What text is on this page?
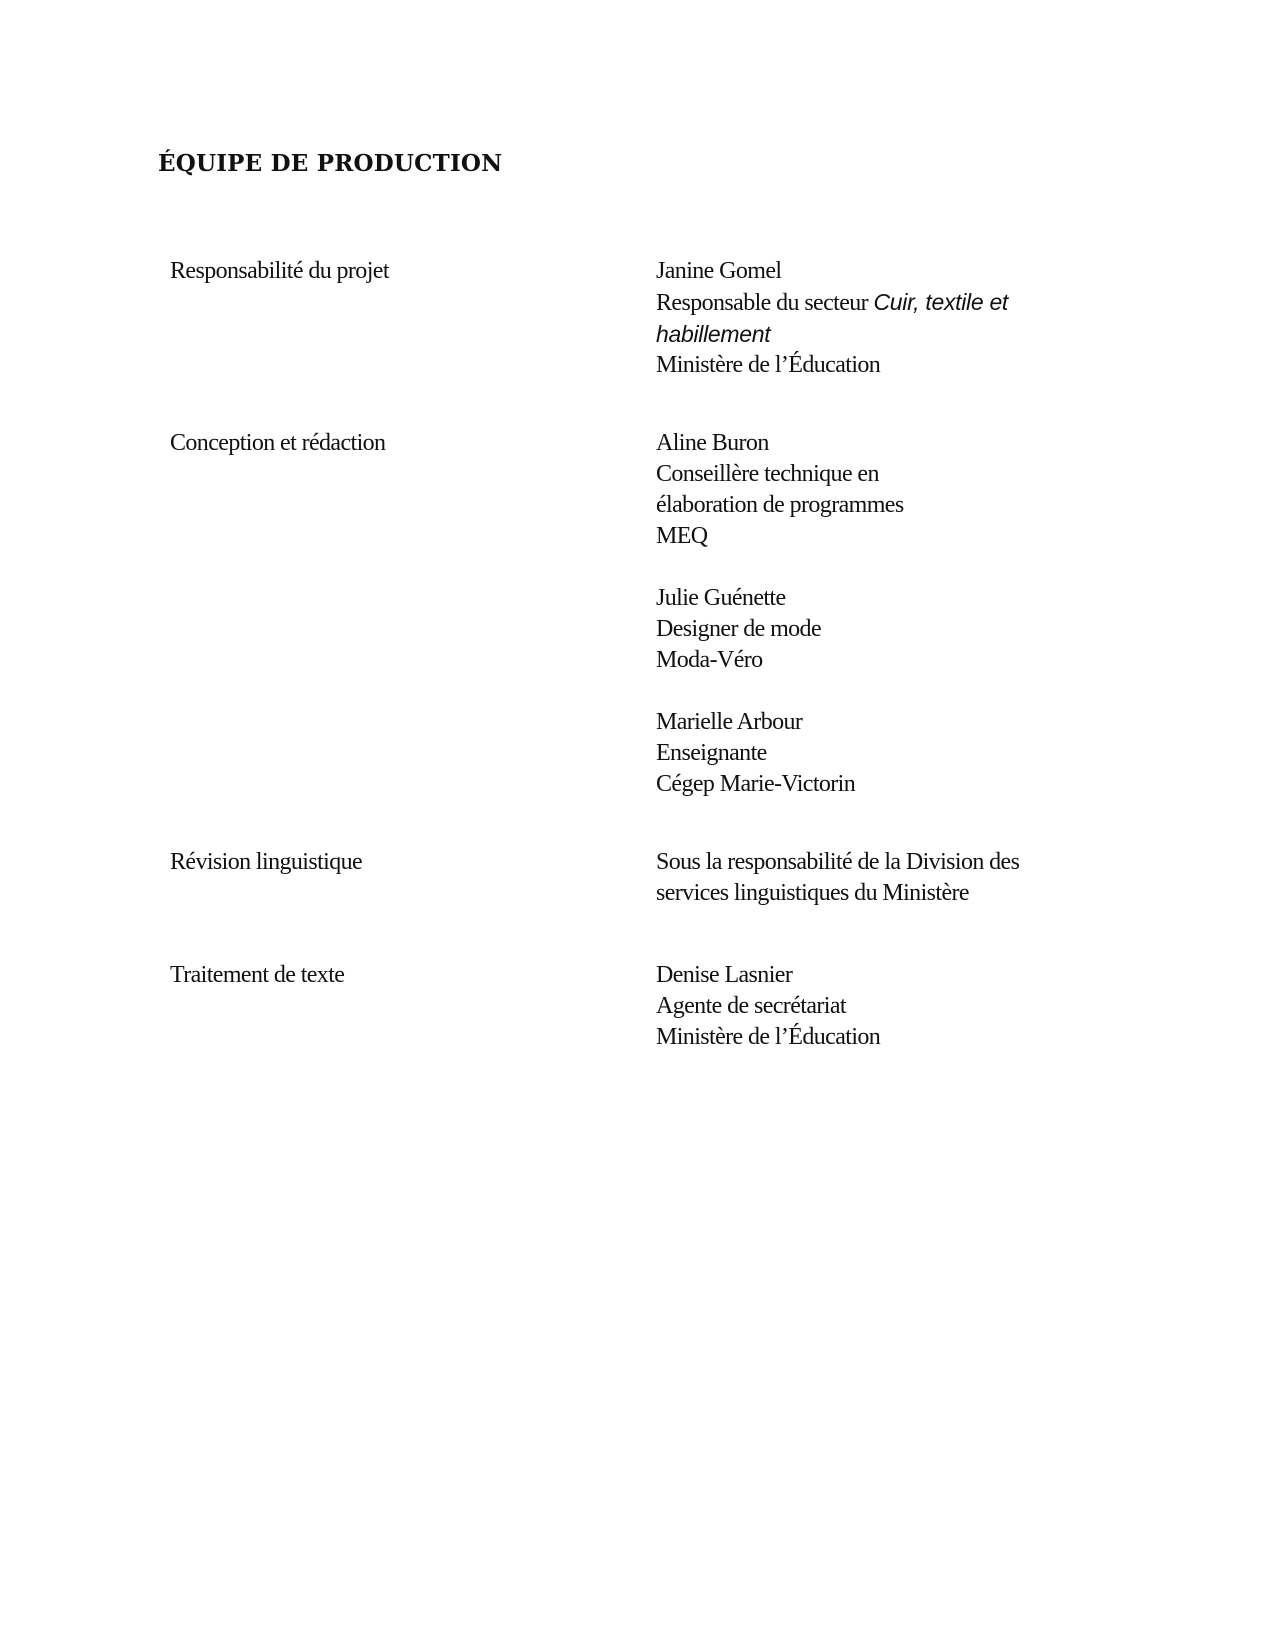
ÉQUIPE DE PRODUCTION
Responsabilité du projet	Janine Gomel
Responsable du secteur Cuir, textile et
habillement
Ministère de l’Éducation
Conception et rédaction	Aline Buron
Conseillère technique en
élaboration de programmes
MEQ
Julie Guénette
Designer de mode
Moda-Véro
Marielle Arbour
Enseignante
Cégep Marie-Victorin
Révision linguistique	Sous la responsabilité de la Division des
services linguistiques du Ministère
Traitement de texte	Denise Lasnier
Agente de secrétariat
Ministère de l’Éducation
